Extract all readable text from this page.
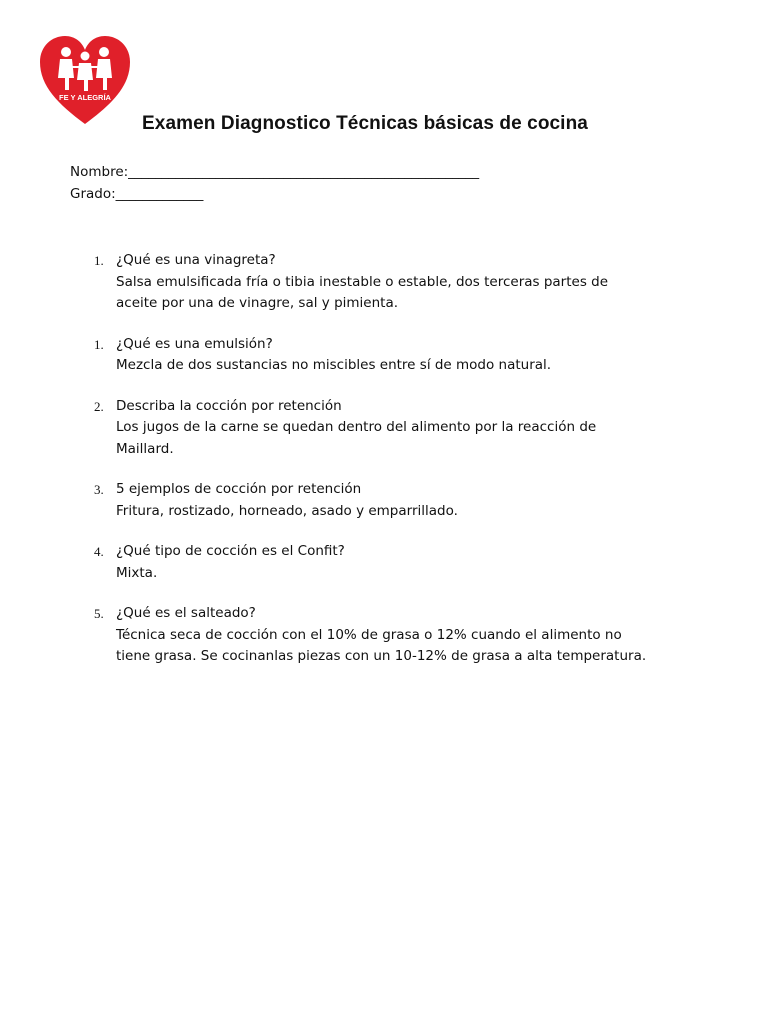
FE Y ALEGRÍA
Examen Diagnostico Técnicas básicas de cocina
Nombre:____________________________________________________
Grado:_____________
1. ¿Qué es una vinagreta?
Salsa emulsificada fría o tibia inestable o estable, dos terceras partes de
aceite por una de vinagre, sal y pimienta.
1. ¿Qué es una emulsión?
Mezcla de dos sustancias no miscibles entre sí de modo natural.
2. Describa la cocción por retención
Los jugos de la carne se quedan dentro del alimento por la reacción de
Maillard.
3. 5 ejemplos de cocción por retención
Fritura, rostizado, horneado, asado y emparrillado.
4. ¿Qué tipo de cocción es el Confit?
Mixta.
5. ¿Qué es el salteado?
Técnica seca de cocción con el 10% de grasa o 12% cuando el alimento no
tiene grasa. Se cocinanlas piezas con un 10-12% de grasa a alta temperatura.
